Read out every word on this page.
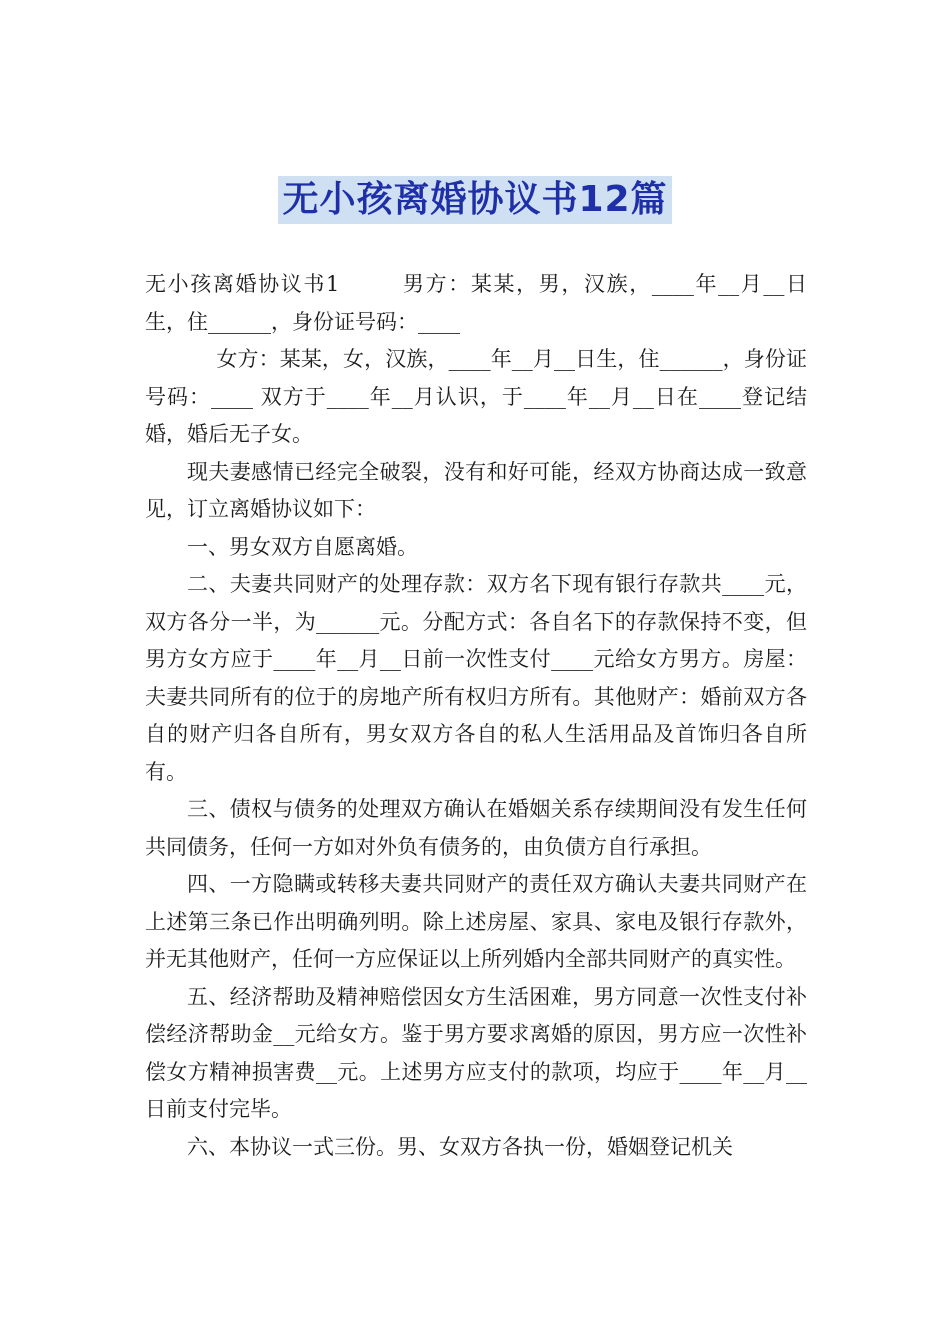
无小孩离婚协议书12篇

无小孩离婚协议书1	男方：某某，男，汉族，____年__月__日生，住______，身份证号码：____

女方：某某，女，汉族，____年__月__日生，住______，身份证号码：____ 双方于____年__月认识，于____年__月__日在____登记结婚，婚后无子女。

现夫妻感情已经完全破裂，没有和好可能，经双方协商达成一致意见，订立离婚协议如下：

一、男女双方自愿离婚。

二、夫妻共同财产的处理存款：双方名下现有银行存款共____元，双方各分一半，为______元。分配方式：各自名下的存款保持不变，但男方女方应于____年__月__日前一次性支付____元给女方男方。房屋：夫妻共同所有的位于的房地产所有权归方所有。其他财产：婚前双方各自的财产归各自所有，男女双方各自的私人生活用品及首饰归各自所有。

三、债权与债务的处理双方确认在婚姻关系存续期间没有发生任何共同债务，任何一方如对外负有债务的，由负债方自行承担。

四、一方隐瞒或转移夫妻共同财产的责任双方确认夫妻共同财产在上述第三条已作出明确列明。除上述房屋、家具、家电及银行存款外，并无其他财产，任何一方应保证以上所列婚内全部共同财产的真实性。

五、经济帮助及精神赔偿因女方生活困难，男方同意一次性支付补偿经济帮助金__元给女方。鉴于男方要求离婚的原因，男方应一次性补偿女方精神损害费__元。上述男方应支付的款项，均应于____年__月__日前支付完毕。

六、本协议一式三份。男、女双方各执一份，婚姻登记机关
